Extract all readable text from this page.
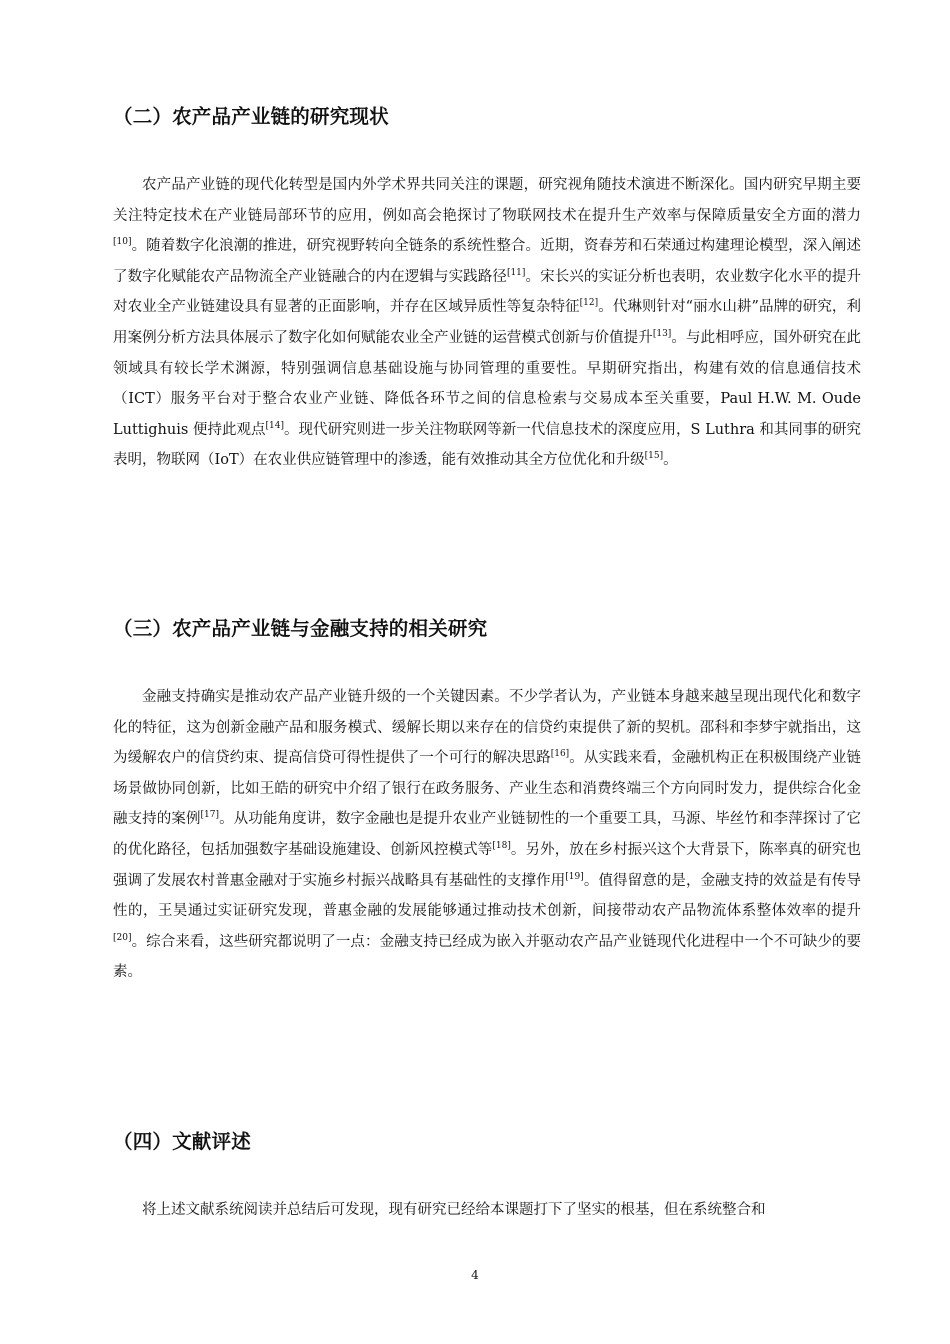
（二）农产品产业链的研究现状

农产品产业链的现代化转型是国内外学术界共同关注的课题，研究视角随技术演进不断深化。国内研究早期主要关注特定技术在产业链局部环节的应用，例如高会艳探讨了物联网技术在提升生产效率与保障质量安全方面的潜力[10]。随着数字化浪潮的推进，研究视野转向全链条的系统性整合。近期，资春芳和石荣通过构建理论模型，深入阐述了数字化赋能农产品物流全产业链融合的内在逻辑与实践路径[11]。宋长兴的实证分析也表明，农业数字化水平的提升对农业全产业链建设具有显著的正面影响，并存在区域异质性等复杂特征[12]。代琳则针对“丽水山耕”品牌的研究，利用案例分析方法具体展示了数字化如何赋能农业全产业链的运营模式创新与价值提升[13]。与此相呼应，国外研究在此领域具有较长学术渊源，特别强调信息基础设施与协同管理的重要性。早期研究指出，构建有效的信息通信技术（ICT）服务平台对于整合农业产业链、降低各环节之间的信息检索与交易成本至关重要，Paul H.W. M. Oude Luttighuis 便持此观点[14]。现代研究则进一步关注物联网等新一代信息技术的深度应用，S Luthra 和其同事的研究表明，物联网（IoT）在农业供应链管理中的渗透，能有效推动其全方位优化和升级[15]。

（三）农产品产业链与金融支持的相关研究

金融支持确实是推动农产品产业链升级的一个关键因素。不少学者认为，产业链本身越来越呈现出现代化和数字化的特征，这为创新金融产品和服务模式、缓解长期以来存在的信贷约束提供了新的契机。邵科和李梦宇就指出，这为缓解农户的信贷约束、提高信贷可得性提供了一个可行的解决思路[16]。从实践来看，金融机构正在积极围绕产业链场景做协同创新，比如王皓的研究中介绍了银行在政务服务、产业生态和消费终端三个方向同时发力，提供综合化金融支持的案例[17]。从功能角度讲，数字金融也是提升农业产业链韧性的一个重要工具，马源、毕丝竹和李萍探讨了它的优化路径，包括加强数字基础设施建设、创新风控模式等[18]。另外，放在乡村振兴这个大背景下，陈率真的研究也强调了发展农村普惠金融对于实施乡村振兴战略具有基础性的支撑作用[19]。值得留意的是，金融支持的效益是有传导性的，王昊通过实证研究发现，普惠金融的发展能够通过推动技术创新，间接带动农产品物流体系整体效率的提升[20]。综合来看，这些研究都说明了一点：金融支持已经成为嵌入并驱动农产品产业链现代化进程中一个不可缺少的要素。

（四）文献评述

将上述文献系统阅读并总结后可发现，现有研究已经给本课题打下了坚实的根基，但在系统整合和

4
